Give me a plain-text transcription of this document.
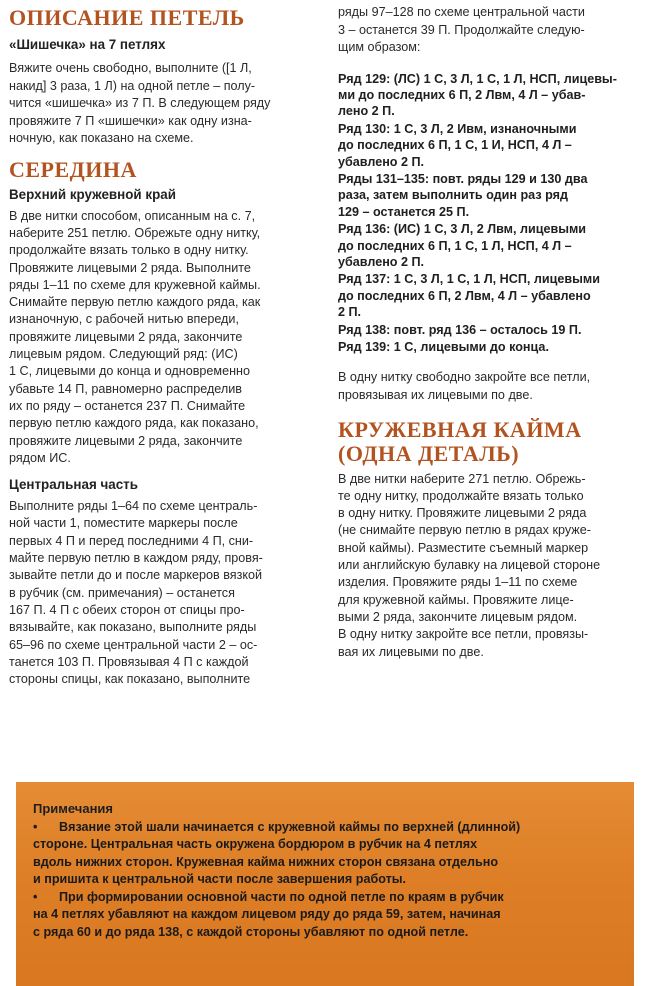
ОПИСАНИЕ ПЕТЕЛЬ
«Шишечка» на 7 петлях

Вяжите очень свободно, выполните ([1 Л,

накид] 3 раза, 1 Л) на одной петле – полу-

чится «шишечка» из 7 П. В следующем ряду

провяжите 7 П «шишечки» как одну изна-

ночную, как показано на схеме.

СЕРЕДИНА
Верхний кружевной край

В две нитки способом, описанным на с. 7,

наберите 251 петлю. Обрежьте одну нитку,

продолжайте вязать только в одну нитку.

Провяжите лицевыми 2 ряда. Выполните

ряды 1–11 по схеме для кружевной каймы.

Снимайте первую петлю каждого ряда, как

изнаночную, с рабочей нитью впереди,

провяжите лицевыми 2 ряда, закончите

лицевым рядом. Следующий ряд: (ИС)

1 С, лицевыми до конца и одновременно

убавьте 14 П, равномерно распределив

их по ряду – останется 237 П. Снимайте

первую петлю каждого ряда, как показано,

провяжите лицевыми 2 ряда, закончите

рядом ИС.

Центральная часть

Выполните ряды 1–64 по схеме централь-

ной части 1, поместите маркеры после

первых 4 П и перед последними 4 П, сни-

майте первую петлю в каждом ряду, провя-

зывайте петли до и после маркеров вязкой

в рубчик (см. примечания) – останется

167 П. 4 П с обеих сторон от спицы про-

вязывайте, как показано, выполните ряды

65–96 по схеме центральной части 2 – ос-

танется 103 П. Провязывая 4 П с каждой

стороны спицы, как показано, выполните

ряды 97–128 по схеме центральной части

3 – останется 39 П. Продолжайте следую-

щим образом:

Ряд 129: (ЛС) 1 С, 3 Л, 1 С, 1 Л, НСП, лицевы-
ми до последних 6 П, 2 Лвм, 4 Л – убав-
лено 2 П.
Ряд 130: 1 С, 3 Л, 2 Ивм, изнаночными
до последних 6 П, 1 С, 1 И, НСП, 4 Л –
убавлено 2 П.
Ряды 131–135: повт. ряды 129 и 130 два
раза, затем выполнить один раз ряд
129 – останется 25 П.
Ряд 136: (ИС) 1 С, 3 Л, 2 Лвм, лицевыми
до последних 6 П, 1 С, 1 Л, НСП, 4 Л –
убавлено 2 П.
Ряд 137: 1 С, 3 Л, 1 С, 1 Л, НСП, лицевыми
до последних 6 П, 2 Лвм, 4 Л – убавлено
2 П.
Ряд 138: повт. ряд 136 – осталось 19 П.
Ряд 139: 1 С, лицевыми до конца.

В одну нитку свободно закройте все петли,

провязывая их лицевыми по две.

КРУЖЕВНАЯ КАЙМА
(ОДНА ДЕТАЛЬ)

В две нитки наберите 271 петлю. Обрежь-

те одну нитку, продолжайте вязать только

в одну нитку. Провяжите лицевыми 2 ряда

(не снимайте первую петлю в рядах круже-

вной каймы). Разместите съемный маркер

или английскую булавку на лицевой стороне

изделия. Провяжите ряды 1–11 по схеме

для кружевной каймы. Провяжите лице-

выми 2 ряда, закончите лицевым рядом.

В одну нитку закройте все петли, провязы-

вая их лицевыми по две.

Примечания
•	Вязание этой шали начинается с кружевной каймы по верхней (длинной)
стороне. Центральная часть окружена бордюром в рубчик на 4 петлях
вдоль нижних сторон. Кружевная кайма нижних сторон связана отдельно
и пришита к центральной части после завершения работы.
•	При формировании основной части по одной петле по краям в рубчик
на 4 петлях убавляют на каждом лицевом ряду до ряда 59, затем, начиная
с ряда 60 и до ряда 138, с каждой стороны убавляют по одной петле.
